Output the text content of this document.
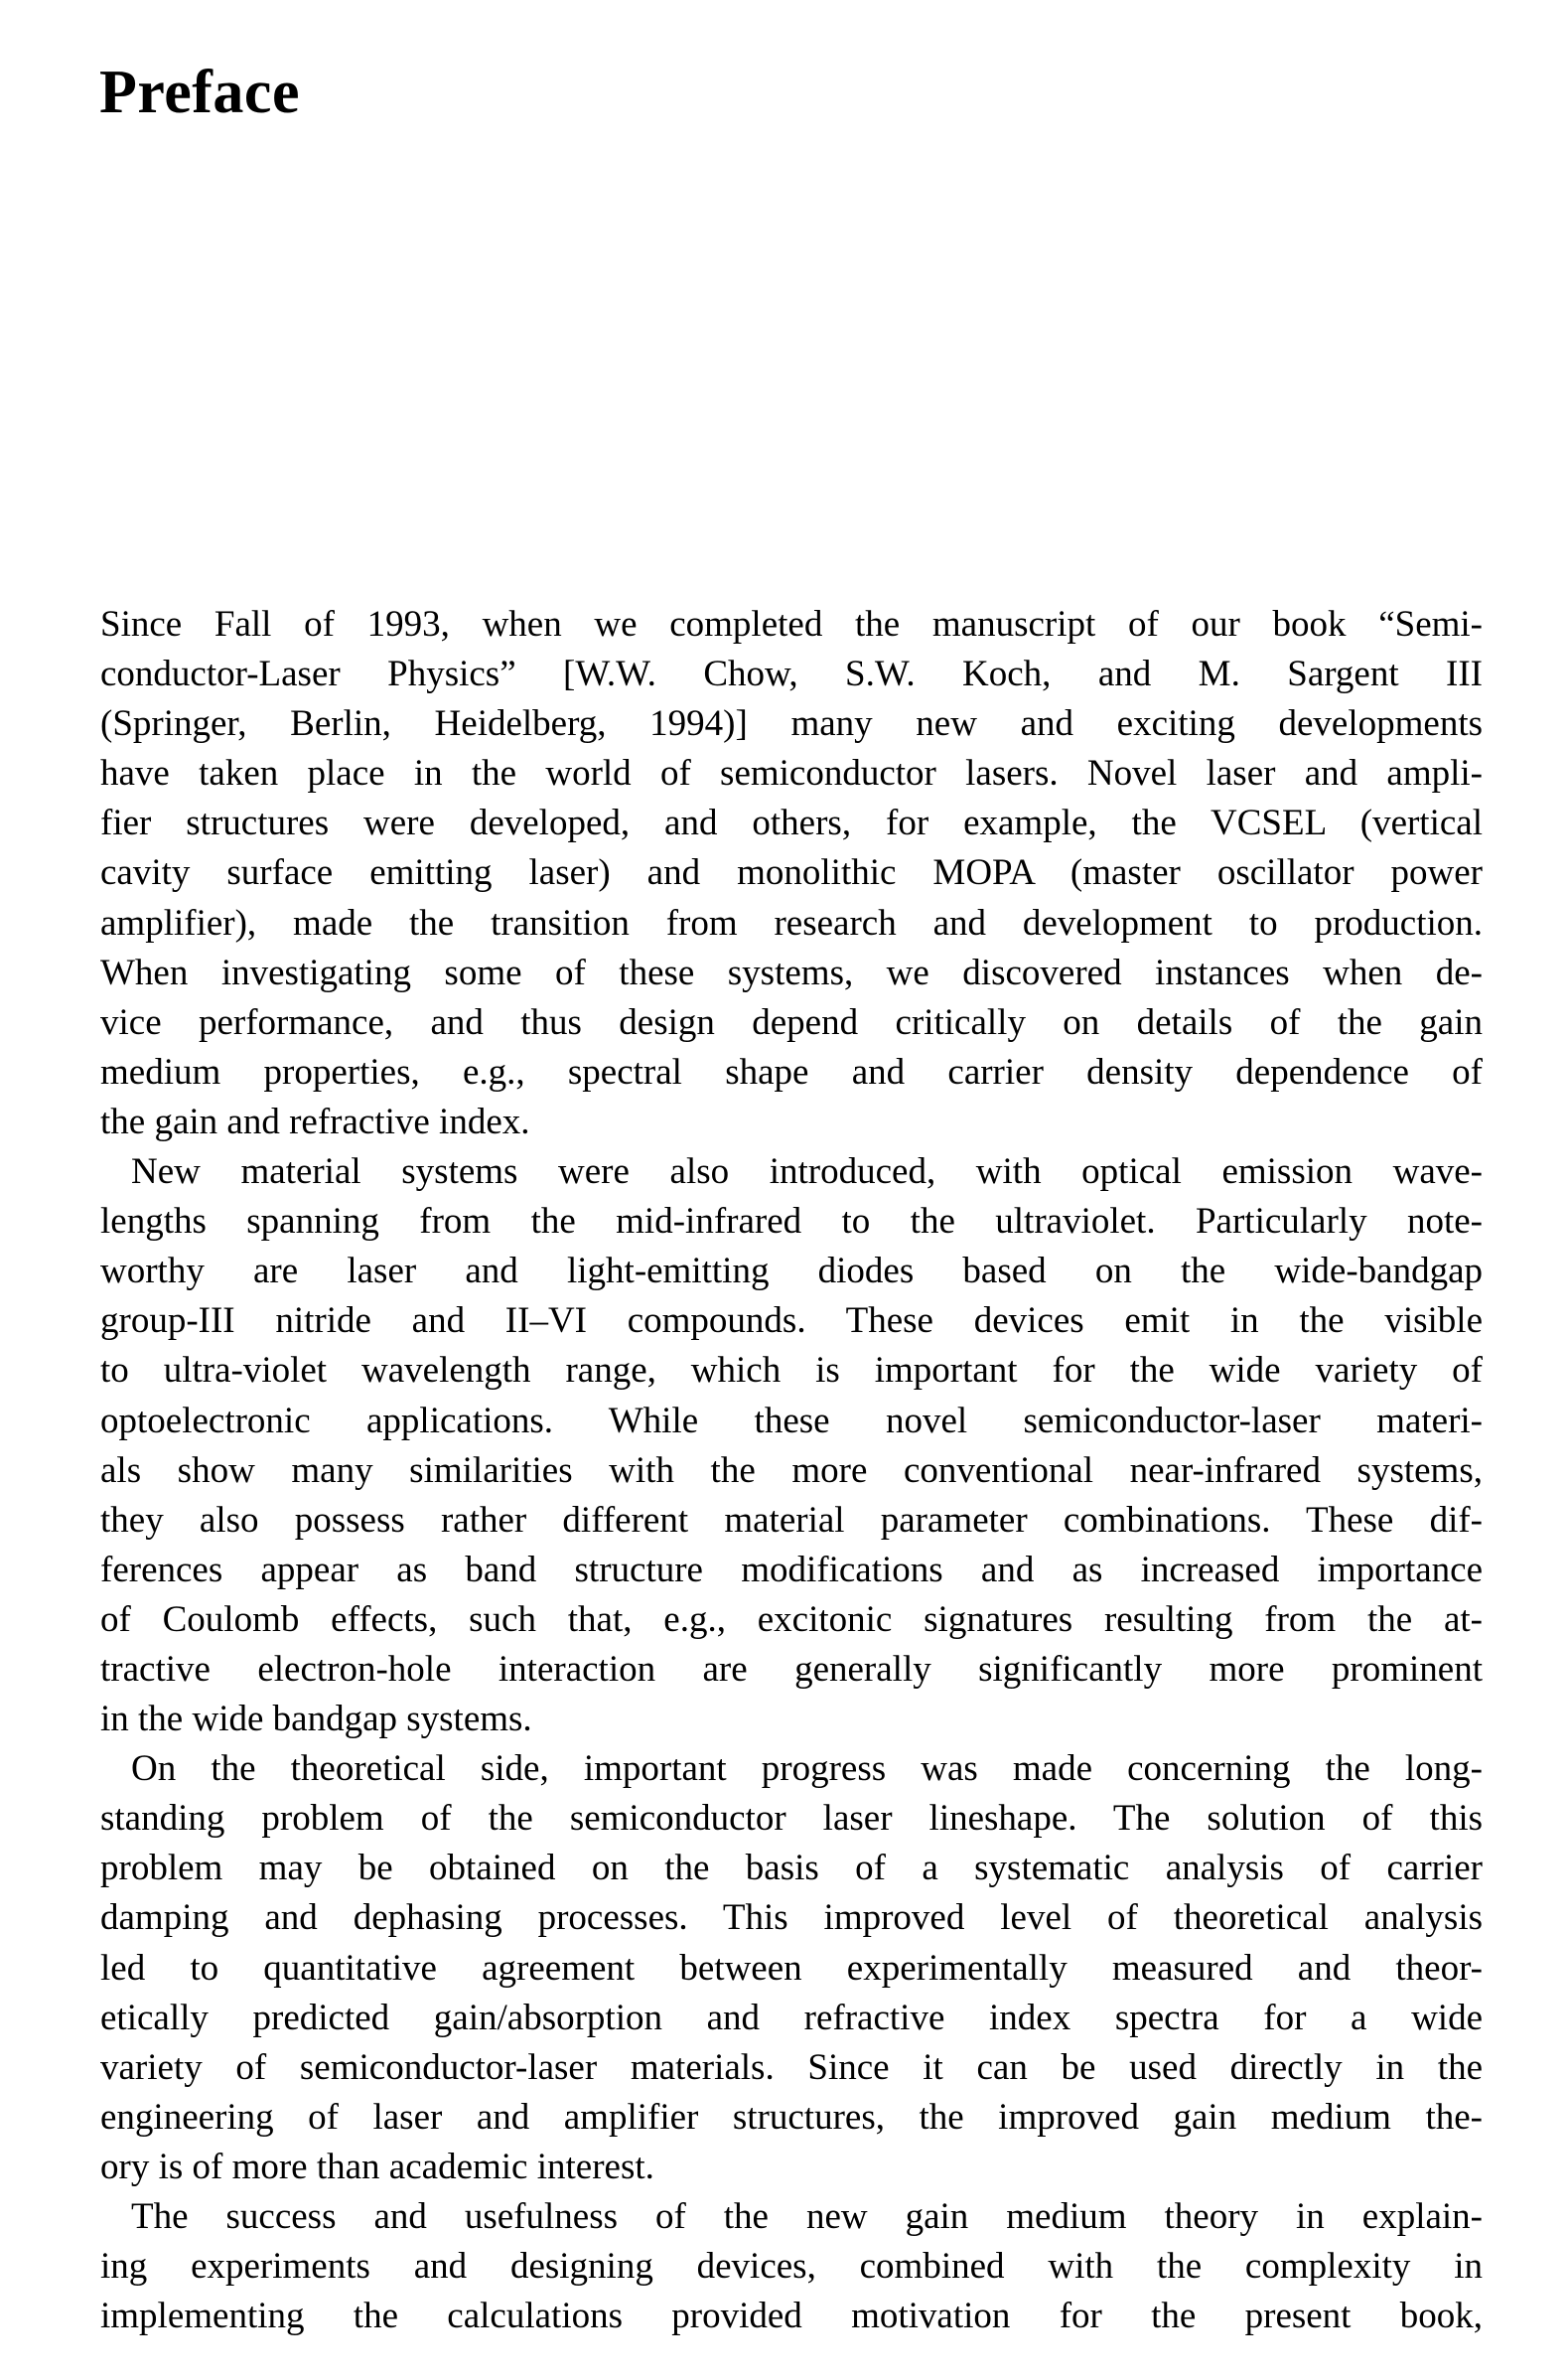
Preface
Since Fall of 1993, when we completed the manuscript of our book “Semi-
conductor-Laser Physics” [W.W. Chow, S.W. Koch, and M. Sargent III
(Springer, Berlin, Heidelberg, 1994)] many new and exciting developments
have taken place in the world of semiconductor lasers. Novel laser and ampli-
fier structures were developed, and others, for example, the VCSEL (vertical
cavity surface emitting laser) and monolithic MOPA (master oscillator power
amplifier), made the transition from research and development to production.
When investigating some of these systems, we discovered instances when de-
vice performance, and thus design depend critically on details of the gain
medium properties, e.g., spectral shape and carrier density dependence of
the gain and refractive index.
New material systems were also introduced, with optical emission wave-
lengths spanning from the mid-infrared to the ultraviolet. Particularly note-
worthy are laser and light-emitting diodes based on the wide-bandgap
group-III nitride and II–VI compounds. These devices emit in the visible
to ultra-violet wavelength range, which is important for the wide variety of
optoelectronic applications. While these novel semiconductor-laser materi-
als show many similarities with the more conventional near-infrared systems,
they also possess rather different material parameter combinations. These dif-
ferences appear as band structure modifications and as increased importance
of Coulomb effects, such that, e.g., excitonic signatures resulting from the at-
tractive electron-hole interaction are generally significantly more prominent
in the wide bandgap systems.
On the theoretical side, important progress was made concerning the long-
standing problem of the semiconductor laser lineshape. The solution of this
problem may be obtained on the basis of a systematic analysis of carrier
damping and dephasing processes. This improved level of theoretical analysis
led to quantitative agreement between experimentally measured and theor-
etically predicted gain/absorption and refractive index spectra for a wide
variety of semiconductor-laser materials. Since it can be used directly in the
engineering of laser and amplifier structures, the improved gain medium the-
ory is of more than academic interest.
The success and usefulness of the new gain medium theory in explain-
ing experiments and designing devices, combined with the complexity in
implementing the calculations provided motivation for the present book,
